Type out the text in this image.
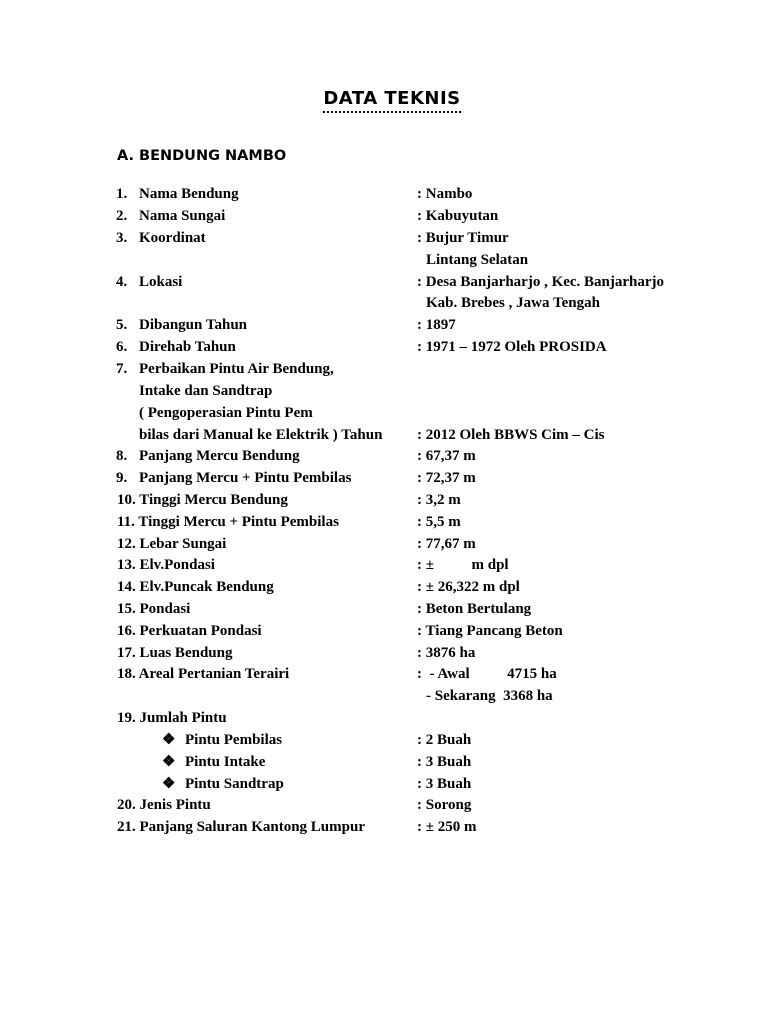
DATA TEKNIS
A. BENDUNG NAMBO
1. Nama Bendung	: Nambo
2. Nama Sungai	: Kabuyutan
3. Koordinat	: Bujur Timur
Lintang Selatan
4. Lokasi	: Desa Banjarharjo , Kec. Banjarharjo
Kab. Brebes , Jawa Tengah
5. Dibangun Tahun	: 1897
6. Direhab Tahun	: 1971 – 1972 Oleh PROSIDA
7. Perbaikan Pintu Air Bendung,
Intake dan Sandtrap
( Pengoperasian Pintu Pem
bilas dari Manual ke Elektrik ) Tahun : 2012 Oleh BBWS Cim – Cis
8. Panjang Mercu Bendung	: 67,37 m
9. Panjang Mercu + Pintu Pembilas	: 72,37 m
10. Tinggi Mercu Bendung	: 3,2 m
11. Tinggi Mercu + Pintu Pembilas	: 5,5 m
12. Lebar Sungai	: 77,67 m
13. Elv.Pondasi	: ±          m dpl
14. Elv.Puncak Bendung	: ± 26,322 m dpl
15. Pondasi	: Beton Bertulang
16. Perkuatan Pondasi	: Tiang Pancang Beton
17. Luas Bendung	: 3876 ha
18. Areal Pertanian Terairi	:  - Awal          4715 ha
- Sekarang  3368 ha
19. Jumlah Pintu
❖ Pintu Pembilas	: 2 Buah
❖ Pintu Intake	: 3 Buah
❖ Pintu Sandtrap	: 3 Buah
20. Jenis Pintu	: Sorong
21. Panjang Saluran Kantong Lumpur	: ± 250 m
